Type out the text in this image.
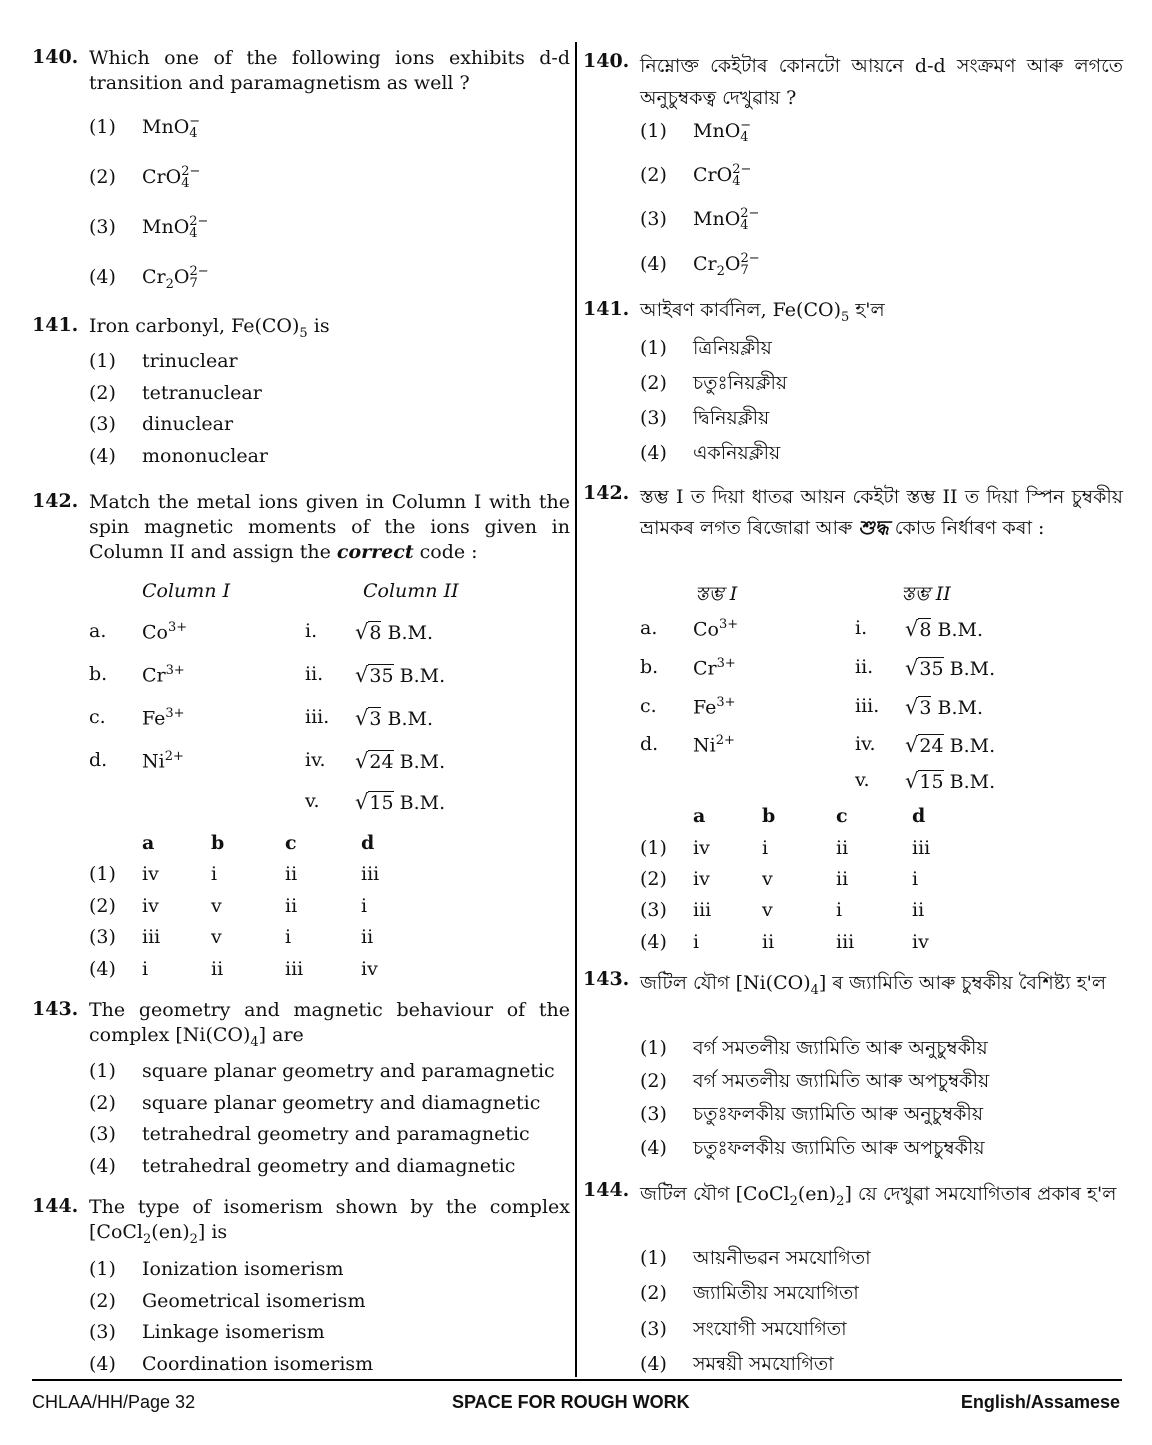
140. Which one of the following ions exhibits d-d transition and paramagnetism as well ?
(1) MnO −
4
(2) CrO 2−
4
(3) MnO 2−
4
(4) $Cr_2O$ 2−
7
141. Iron carbonyl, $Fe(CO)_5$ is
(1) trinuclear
(2) tetranuclear
(3) dinuclear
(4) mononuclear
142. Match the metal ions given in Column I with the spin magnetic moments of the ions given in Column II and assign the correct code :
Column I	Column II
a. $Co^{3+}$	i. √8 B.M.
b. $Cr^{3+}$	ii. √35 B.M.
c. $Fe^{3+}$	iii. √3 B.M.
d. $Ni^{2+}$	iv. √24 B.M.
v. √15 B.M.
a	b	c	d
(1) iv	i	ii	iii
(2) iv	v	ii	i
(3) iii	v	i	ii
(4) i	ii	iii	iv
143. The geometry and magnetic behaviour of the complex $[Ni(CO)_4]$ are
(1) square planar geometry and paramagnetic
(2) square planar geometry and diamagnetic
(3) tetrahedral geometry and paramagnetic
(4) tetrahedral geometry and diamagnetic
144. The type of isomerism shown by the complex $[CoCl_2(en)_2]$ is
(1) Ionization isomerism
(2) Geometrical isomerism
(3) Linkage isomerism
(4) Coordination isomerism
140. নিম্নোক্ত কেইটাৰ কোনটো আয়নে d-d সংক্রমণ আৰু লগতে অনুচুম্বকত্ব দেখুৱায় ?
(1) MnO −
4
(2) CrO 2−
4
(3) MnO 2−
4
(4) $Cr_2O$ 2−
7
141. আইৰণ কাৰ্বনিল, $Fe(CO)_5$ হ'ল
(1) ত্রিনিয়ক্লীয়
(2) চতুঃনিয়ক্লীয়
(3) দ্বিনিয়ক্লীয়
(4) একনিয়ক্লীয়
142. স্তম্ভ I ত দিয়া ধাতৱ আয়ন কেইটা স্তম্ভ II ত দিয়া স্পিন চুম্বকীয় ভ্রামকৰ লগত ৰিজোৱা আৰু শুদ্ধ কোড নিৰ্ধাৰণ কৰা :
স্তম্ভ I	স্তম্ভ II
a. $Co^{3+}$	i. √8 B.M.
b. $Cr^{3+}$	ii. √35 B.M.
c. $Fe^{3+}$	iii. √3 B.M.
d. $Ni^{2+}$	iv. √24 B.M.
v. √15 B.M.
a	b	c	d
(1) iv	i	ii	iii
(2) iv	v	ii	i
(3) iii	v	i	ii
(4) i	ii	iii	iv
143. জটিল যৌগ $[Ni(CO)_4]$ ৰ জ্যামিতি আৰু চুম্বকীয় বৈশিষ্ট্য হ'ল
(1) বৰ্গ সমতলীয় জ্যামিতি আৰু অনুচুম্বকীয়
(2) বৰ্গ সমতলীয় জ্যামিতি আৰু অপচুম্বকীয়
(3) চতুঃফলকীয় জ্যামিতি আৰু অনুচুম্বকীয়
(4) চতুঃফলকীয় জ্যামিতি আৰু অপচুম্বকীয়
144. জটিল যৌগ $[CoCl_2(en)_2]$ য়ে দেখুৱা সমযোগিতাৰ প্ৰকাৰ হ'ল
(1) আয়নীভৱন সমযোগিতা
(2) জ্যামিতীয় সমযোগিতা
(3) সংযোগী সমযোগিতা
(4) সমন্বয়ী সমযোগিতা
CHLAA/HH/Page 32	SPACE FOR ROUGH WORK	English/Assamese
